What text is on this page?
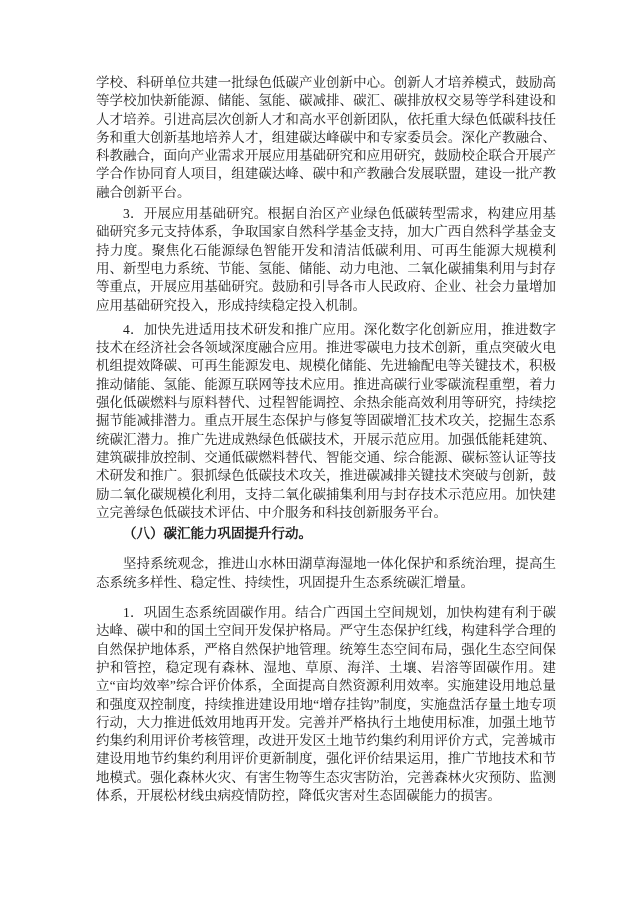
学校、科研单位共建一批绿色低碳产业创新中心。创新人才培养模式，鼓励高等学校加快新能源、储能、氢能、碳减排、碳汇、碳排放权交易等学科建设和人才培养。引进高层次创新人才和高水平创新团队，依托重大绿色低碳科技任务和重大创新基地培养人才，组建碳达峰碳中和专家委员会。深化产教融合、科教融合，面向产业需求开展应用基础研究和应用研究，鼓励校企联合开展产学合作协同育人项目，组建碳达峰、碳中和产教融合发展联盟，建设一批产教融合创新平台。

3．开展应用基础研究。根据自治区产业绿色低碳转型需求，构建应用基础研究多元支持体系，争取国家自然科学基金支持，加大广西自然科学基金支持力度。聚焦化石能源绿色智能开发和清洁低碳利用、可再生能源大规模利用、新型电力系统、节能、氢能、储能、动力电池、二氧化碳捕集利用与封存等重点，开展应用基础研究。鼓励和引导各市人民政府、企业、社会力量增加应用基础研究投入，形成持续稳定投入机制。

4．加快先进适用技术研发和推广应用。深化数字化创新应用，推进数字技术在经济社会各领域深度融合应用。推进零碳电力技术创新，重点突破火电机组提效降碳、可再生能源发电、规模化储能、先进输配电等关键技术，积极推动储能、氢能、能源互联网等技术应用。推进高碳行业零碳流程重塑，着力强化低碳燃料与原料替代、过程智能调控、余热余能高效利用等研究，持续挖掘节能减排潜力。重点开展生态保护与修复等固碳增汇技术攻关，挖掘生态系统碳汇潜力。推广先进成熟绿色低碳技术，开展示范应用。加强低能耗建筑、建筑碳排放控制、交通低碳燃料替代、智能交通、综合能源、碳标签认证等技术研发和推广。狠抓绿色低碳技术攻关，推进碳减排关键技术突破与创新，鼓励二氧化碳规模化利用，支持二氧化碳捕集利用与封存技术示范应用。加快建立完善绿色低碳技术评估、中介服务和科技创新服务平台。

（八）碳汇能力巩固提升行动。

坚持系统观念，推进山水林田湖草海湿地一体化保护和系统治理，提高生态系统多样性、稳定性、持续性，巩固提升生态系统碳汇增量。

1．巩固生态系统固碳作用。结合广西国土空间规划，加快构建有利于碳达峰、碳中和的国土空间开发保护格局。严守生态保护红线，构建科学合理的自然保护地体系，严格自然保护地管理。统筹生态空间布局，强化生态空间保护和管控，稳定现有森林、湿地、草原、海洋、土壤、岩溶等固碳作用。建立“亩均效率”综合评价体系，全面提高自然资源利用效率。实施建设用地总量和强度双控制度，持续推进建设用地“增存挂钩”制度，实施盘活存量土地专项行动，大力推进低效用地再开发。完善并严格执行土地使用标准，加强土地节约集约利用评价考核管理，改进开发区土地节约集约利用评价方式，完善城市建设用地节约集约利用评价更新制度，强化评价结果运用，推广节地技术和节地模式。强化森林火灾、有害生物等生态灾害防治，完善森林火灾预防、监测体系，开展松材线虫病疫情防控，降低灾害对生态固碳能力的损害。
